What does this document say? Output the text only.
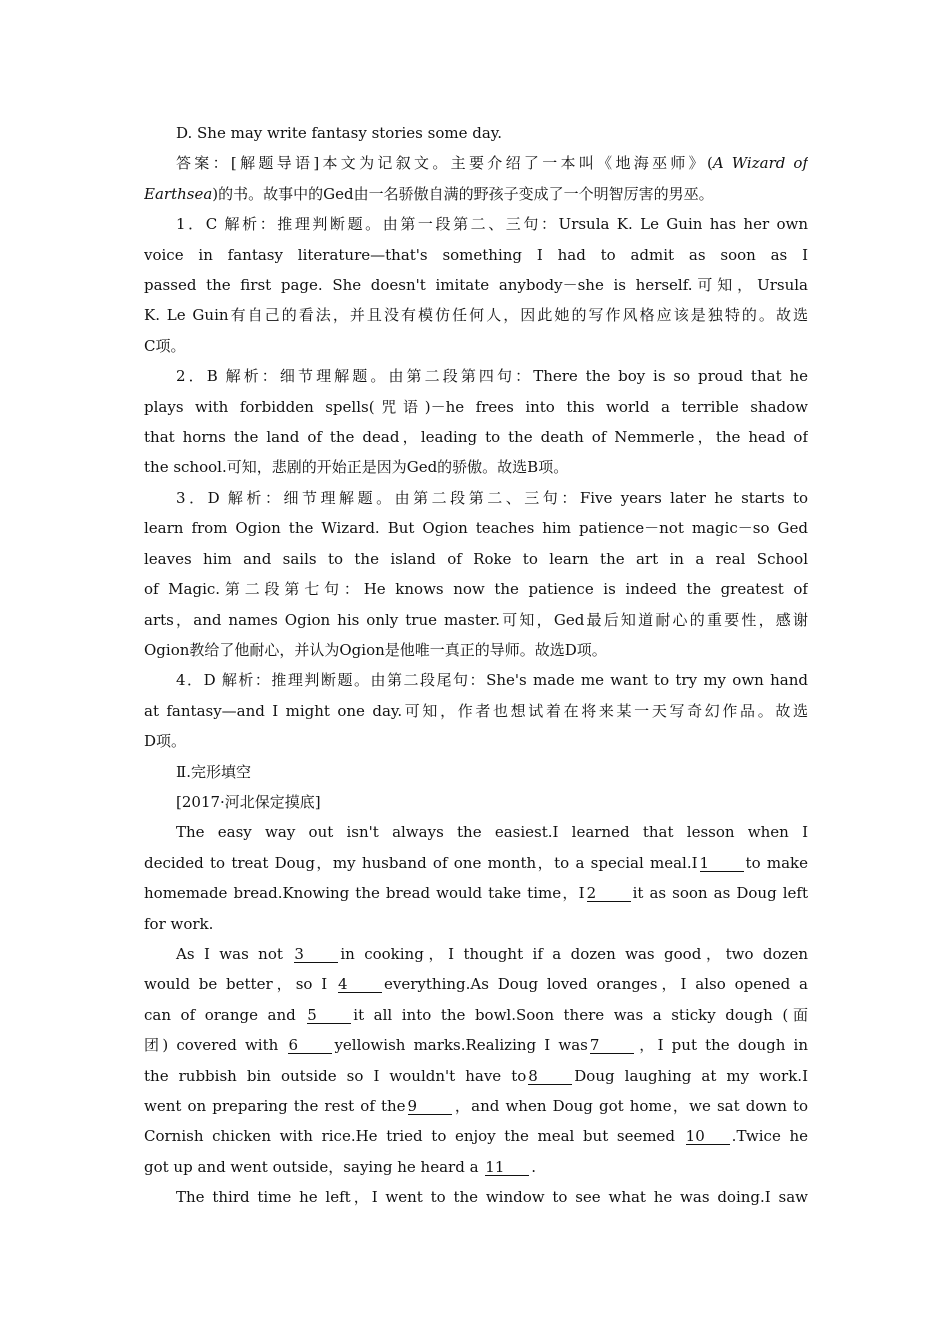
D. She may write fantasy stories some day.
答案：[解题导语]本文为记叙文。主要介绍了一本叫《地海巫师》(A Wizard of
Earthsea)的书。故事中的Ged由一名骄傲自满的野孩子变成了一个明智厉害的男巫。
1．C 解析：推理判断题。由第一段第二、三句：Ursula K. Le Guin has her own
voice in fantasy literature—that's something I had to admit as soon as I
passed the first page. She doesn't imitate anybody－she is herself.可知，Ursula
K. Le Guin有自己的看法，并且没有模仿任何人，因此她的写作风格应该是独特的。故选
C项。
2．B 解析：细节理解题。由第二段第四句：There the boy is so proud that he
plays with forbidden spells(咒语)－he frees into this world a terrible shadow
that horns the land of the dead，leading to the death of Nemmerle，the head of
the school.可知，悲剧的开始正是因为Ged的骄傲。故选B项。
3．D 解析：细节理解题。由第二段第二、三句：Five years later he starts to
learn from Ogion the Wizard. But Ogion teaches him patience－not magic－so Ged
leaves him and sails to the island of Roke to learn the art in a real School
of Magic.第二段第七句：He knows now the patience is indeed the greatest of
arts，and names Ogion his only true master.可知，Ged最后知道耐心的重要性，感谢
Ogion教给了他耐心，并认为Ogion是他唯一真正的导师。故选D项。
4．D 解析：推理判断题。由第二段尾句：She's made me want to try my own hand
at fantasy—and I might one day.可知，作者也想试着在将来某一天写奇幻作品。故选
D项。
Ⅱ.完形填空
[2017·河北保定摸底]
The easy way out isn't always the easiest.I learned that lesson when I
decided to treat Doug，my husband of one month，to a special meal.I 1 to make
homemade bread.Knowing the bread would take time，I 2 it as soon as Doug left
for work.
As I was not 3 in cooking，I thought if a dozen was good，two dozen
would be better，so I 4 everything.As Doug loved oranges，I also opened a
can of orange and 5 it all into the bowl.Soon there was a sticky dough (面
团) covered with 6 yellowish marks.Realizing I was 7 ，I put the dough in
the rubbish bin outside so I wouldn't have to 8 Doug laughing at my work.I
went on preparing the rest of the 9 ，and when Doug got home，we sat down to
Cornish chicken with rice.He tried to enjoy the meal but seemed 10 .Twice he
got up and went outside，saying he heard a 11 .
The third time he left，I went to the window to see what he was doing.I saw
